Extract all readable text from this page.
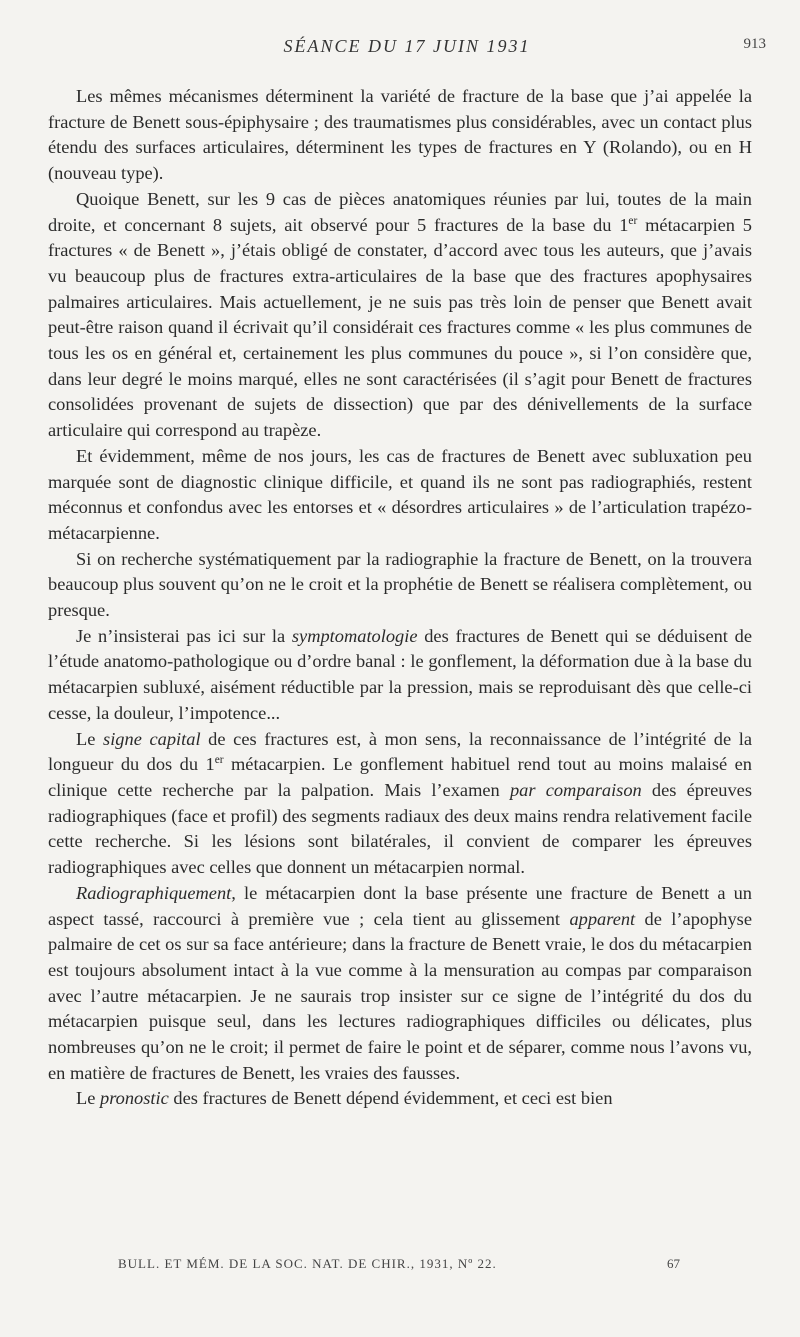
SÉANCE DU 17 JUIN 1931	913

Les mêmes mécanismes déterminent la variété de fracture de la base que j’ai appelée la fracture de Benett sous-épiphysaire ; des traumatismes plus considérables, avec un contact plus étendu des surfaces articulaires, déterminent les types de fractures en Y (Rolando), ou en H (nouveau type).

Quoique Benett, sur les 9 cas de pièces anatomiques réunies par lui, toutes de la main droite, et concernant 8 sujets, ait observé pour 5 fractures de la base du 1er métacarpien 5 fractures « de Benett », j’étais obligé de constater, d’accord avec tous les auteurs, que j’avais vu beaucoup plus de fractures extra-articulaires de la base que des fractures apophysaires palmaires articulaires. Mais actuellement, je ne suis pas très loin de penser que Benett avait peut-être raison quand il écrivait qu’il considérait ces fractures comme « les plus communes de tous les os en général et, certainement les plus communes du pouce », si l’on considère que, dans leur degré le moins marqué, elles ne sont caractérisées (il s’agit pour Benett de fractures consolidées provenant de sujets de dissection) que par des dénivellements de la surface articulaire qui correspond au trapèze.

Et évidemment, même de nos jours, les cas de fractures de Benett avec subluxation peu marquée sont de diagnostic clinique difficile, et quand ils ne sont pas radiographiés, restent méconnus et confondus avec les entorses et « désordres articulaires » de l’articulation trapézo-métacarpienne.

Si on recherche systématiquement par la radiographie la fracture de Benett, on la trouvera beaucoup plus souvent qu’on ne le croit et la prophétie de Benett se réalisera complètement, ou presque.

Je n’insisterai pas ici sur la symptomatologie des fractures de Benett qui se déduisent de l’étude anatomo-pathologique ou d’ordre banal : le gonflement, la déformation due à la base du métacarpien subluxé, aisément réductible par la pression, mais se reproduisant dès que celle-ci cesse, la douleur, l’impotence...

Le signe capital de ces fractures est, à mon sens, la reconnaissance de l’intégrité de la longueur du dos du 1er métacarpien. Le gonflement habituel rend tout au moins malaisé en clinique cette recherche par la palpation. Mais l’examen par comparaison des épreuves radiographiques (face et profil) des segments radiaux des deux mains rendra relativement facile cette recherche. Si les lésions sont bilatérales, il convient de comparer les épreuves radiographiques avec celles que donnent un métacarpien normal.

Radiographiquement, le métacarpien dont la base présente une fracture de Benett a un aspect tassé, raccourci à première vue ; cela tient au glissement apparent de l’apophyse palmaire de cet os sur sa face antérieure; dans la fracture de Benett vraie, le dos du métacarpien est toujours absolument intact à la vue comme à la mensuration au compas par comparaison avec l’autre métacarpien. Je ne saurais trop insister sur ce signe de l’intégrité du dos du métacarpien puisque seul, dans les lectures radiographiques difficiles ou délicates, plus nombreuses qu’on ne le croit; il permet de faire le point et de séparer, comme nous l’avons vu, en matière de fractures de Benett, les vraies des fausses.

Le pronostic des fractures de Benett dépend évidemment, et ceci est bien

BULL. ET MÉM. DE LA SOC. NAT. DE CHIR., 1931, Nº 22.	67
